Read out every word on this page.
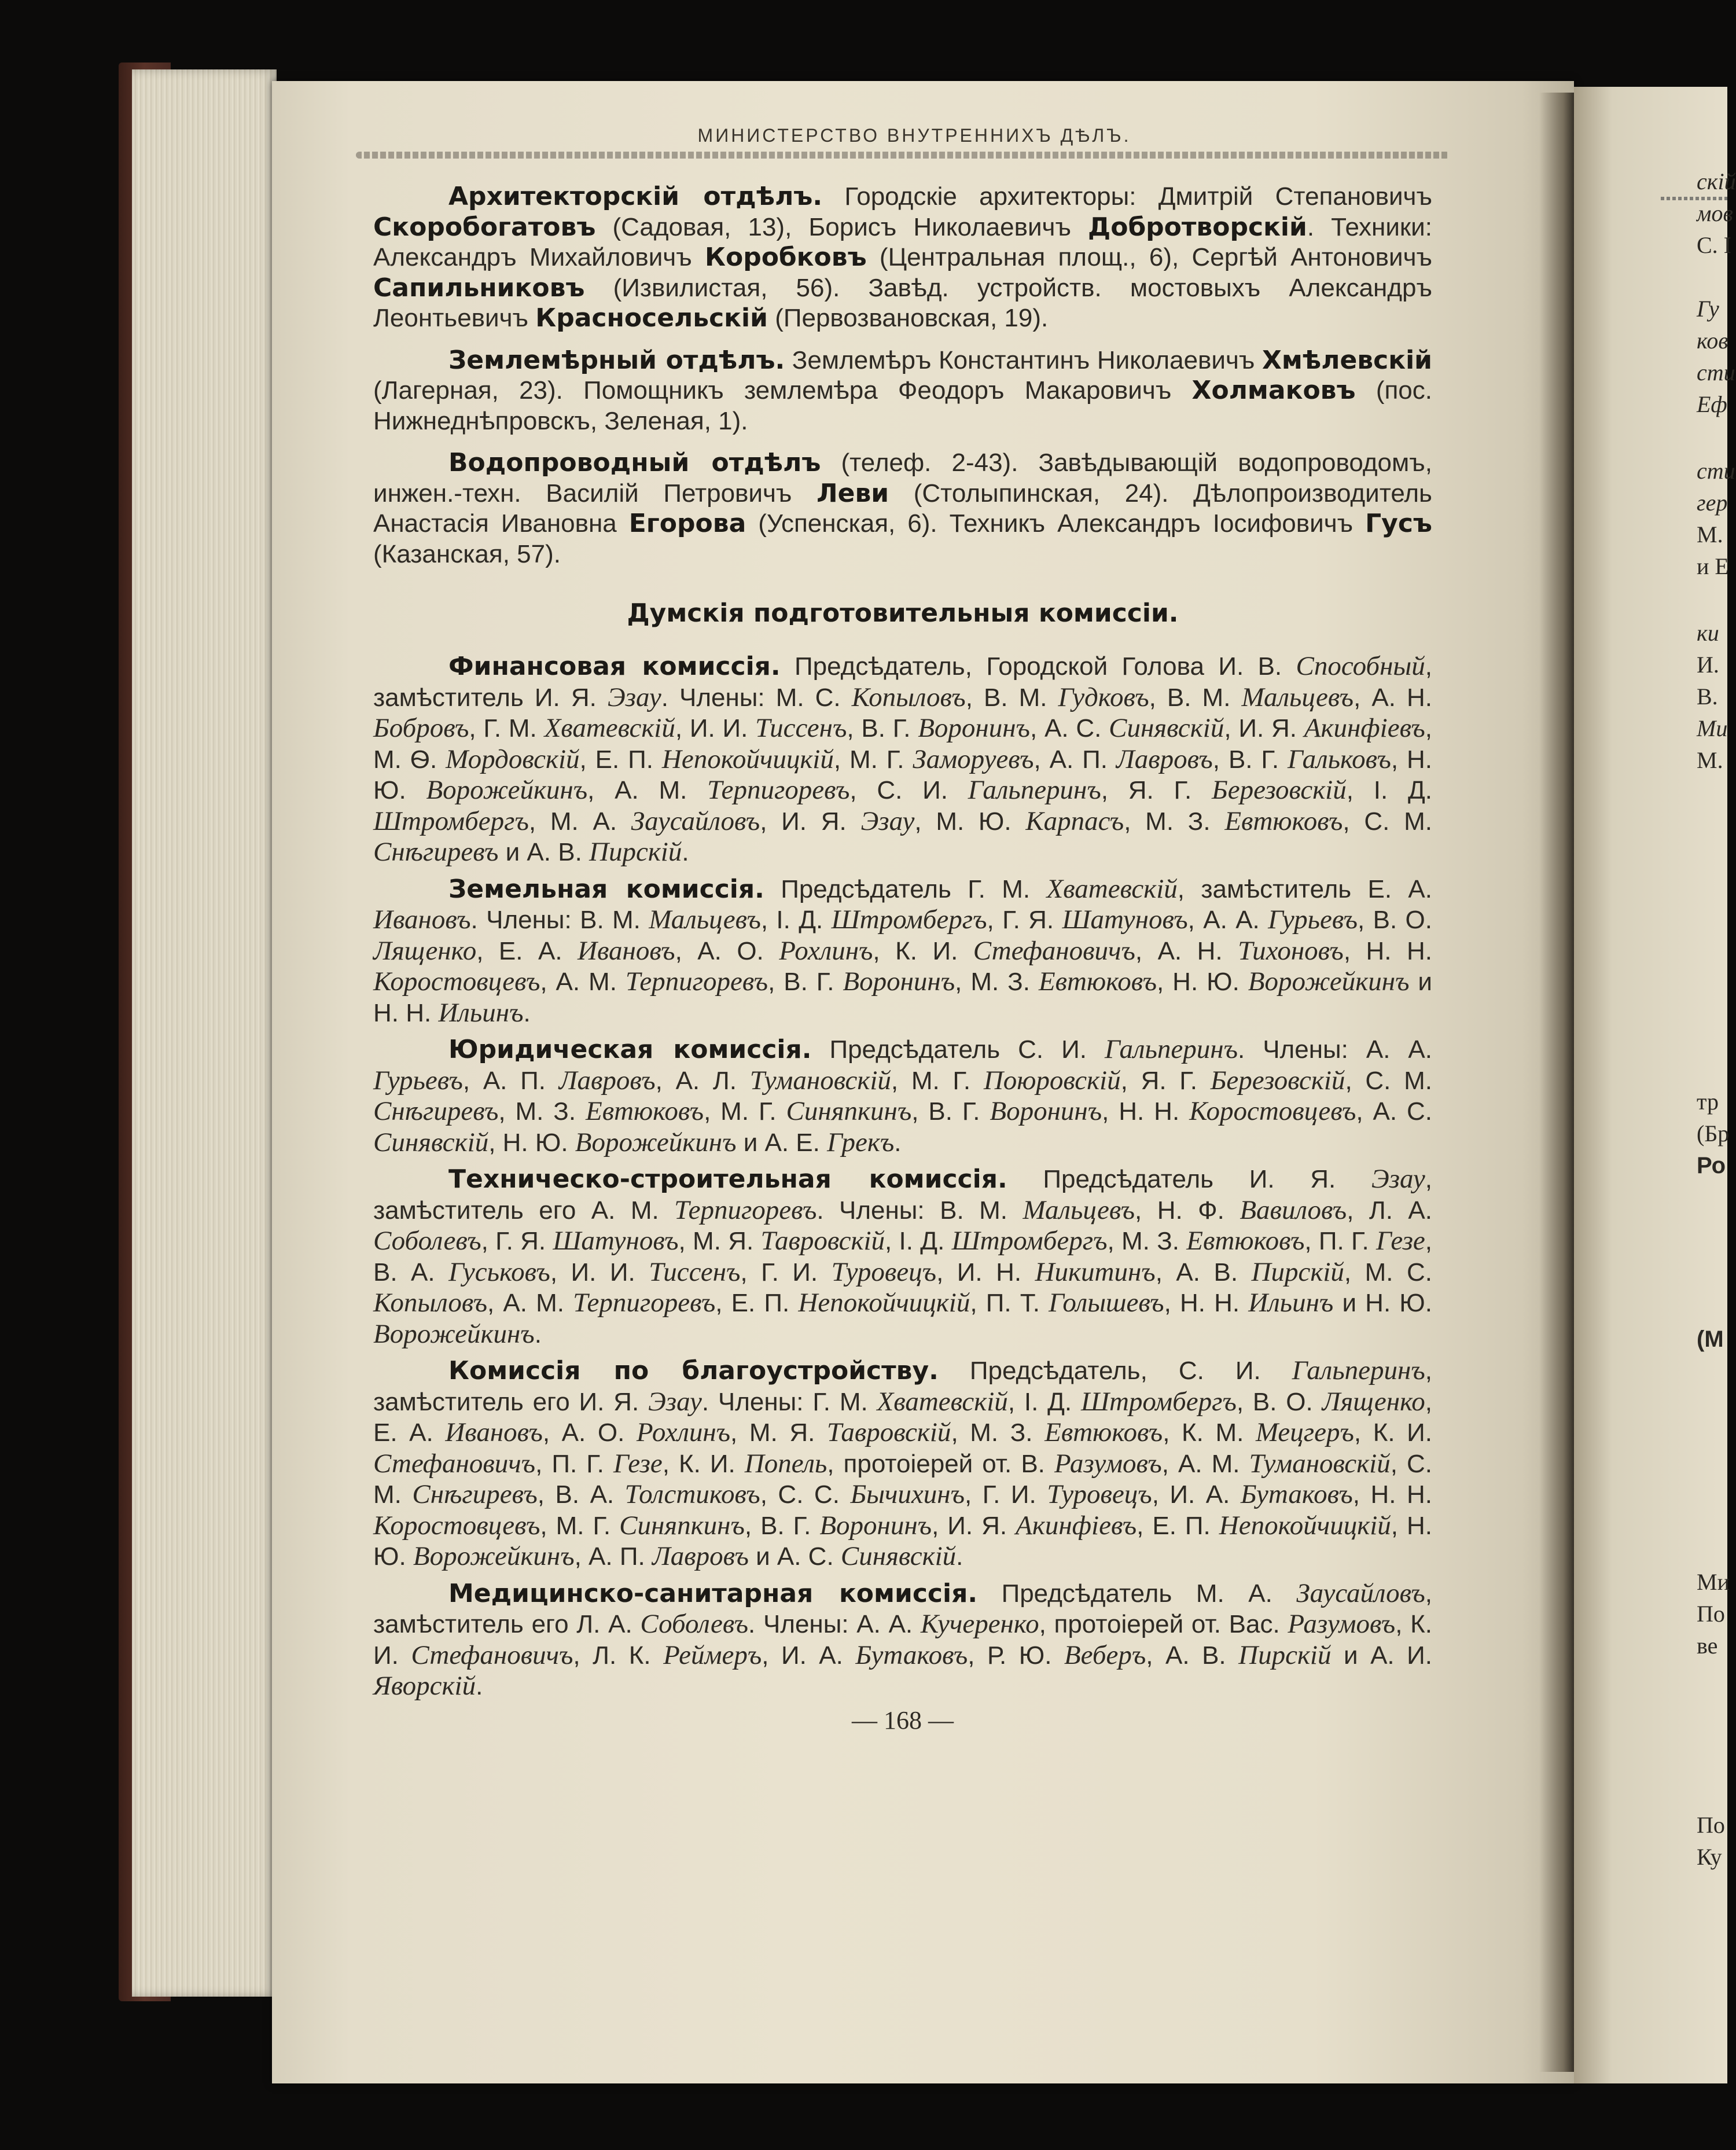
скій
мов
С. I
Гу
ков
сти
Еф
сти
гер
М.
и Е
ки
И.
В.
Ми
М.
тр
(Бр
Ро
(М
Ми
По
ве
По
Ку
МИНИСТЕРСТВО ВНУТРЕННИХЪ ДѢЛЪ.

Архитекторскій отдѣлъ. Городскіе архитекторы: Дмитрій Степановичъ Скоробогатовъ (Садовая, 13), Борисъ Николаевичъ Добротворскій. Техники: Александръ Михайловичъ Коробковъ (Центральная площ., 6), Сергѣй Антоновичъ Сапильниковъ (Извилистая, 56). Завѣд. устройств. мостовыхъ Александръ Леонтьевичъ Красносельскій (Первозвановская, 19).

Землемѣрный отдѣлъ. Землемѣръ Константинъ Николаевичъ Хмѣлевскій (Лагерная, 23). Помощникъ землемѣра Феодоръ Макаровичъ Холмаковъ (пос. Нижнеднѣпровскъ, Зеленая, 1).

Водопроводный отдѣлъ (телеф. 2-43). Завѣдывающій водопроводомъ, инжен.-техн. Василій Петровичъ Леви (Столыпинская, 24). Дѣлопроизводитель Анастасія Ивановна Егорова (Успенская, 6). Техникъ Александръ Іосифовичъ Гусъ (Казанская, 57).

Думскія подготовительныя комиссіи.

Финансовая комиссія. Предсѣдатель, Городской Голова И. В. Способный, замѣститель И. Я. Эзау. Члены: М. С. Копыловъ, В. М. Гудковъ, В. М. Мальцевъ, А. Н. Бобровъ, Г. М. Хватевскій, И. И. Тиссенъ, В. Г. Воронинъ, А. С. Синявскій, И. Я. Акинфіевъ, М. Ѳ. Мордовскій, Е. П. Непокойчицкій, М. Г. Заморуевъ, А. П. Лавровъ, В. Г. Гальковъ, Н. Ю. Ворожейкинъ, А. М. Терпигоревъ, С. И. Гальперинъ, Я. Г. Березовскій, І. Д. Штромбергъ, М. А. Заусайловъ, И. Я. Эзау, М. Ю. Карпасъ, М. З. Евтюковъ, С. М. Снѣгиревъ и А. В. Пирскій.

Земельная комиссія. Предсѣдатель Г. М. Хватевскій, замѣститель Е. А. Ивановъ. Члены: В. М. Мальцевъ, І. Д. Штромбергъ, Г. Я. Шатуновъ, А. А. Гурьевъ, В. О. Лященко, Е. А. Ивановъ, А. О. Рохлинъ, К. И. Стефановичъ, А. Н. Тихоновъ, Н. Н. Коростовцевъ, А. М. Терпигоревъ, В. Г. Воронинъ, М. З. Евтюковъ, Н. Ю. Ворожейкинъ и Н. Н. Ильинъ.

Юридическая комиссія. Предсѣдатель С. И. Гальперинъ. Члены: А. А. Гурьевъ, А. П. Лавровъ, А. Л. Тумановскій, М. Г. Поюровскій, Я. Г. Березовскій, С. М. Снѣгиревъ, М. З. Евтюковъ, М. Г. Синяпкинъ, В. Г. Воронинъ, Н. Н. Коростовцевъ, А. С. Синявскій, Н. Ю. Ворожейкинъ и А. Е. Грекъ.

Техническо-строительная комиссія. Предсѣдатель И. Я. Эзау, замѣститель его А. М. Терпигоревъ. Члены: В. М. Мальцевъ, Н. Ф. Вавиловъ, Л. А. Соболевъ, Г. Я. Шатуновъ, М. Я. Тавровскій, І. Д. Штромбергъ, М. З. Евтюковъ, П. Г. Гезе, В. А. Гуськовъ, И. И. Тиссенъ, Г. И. Туровецъ, И. Н. Никитинъ, А. В. Пирскій, М. С. Копыловъ, А. М. Терпигоревъ, Е. П. Непокойчицкій, П. Т. Голышевъ, Н. Н. Ильинъ и Н. Ю. Ворожейкинъ.

Комиссія по благоустройству. Предсѣдатель, С. И. Гальперинъ, замѣститель его И. Я. Эзау. Члены: Г. М. Хватевскій, І. Д. Штромбергъ, В. О. Лященко, Е. А. Ивановъ, А. О. Рохлинъ, М. Я. Тавровскій, М. З. Евтюковъ, К. М. Мецгеръ, К. И. Стефановичъ, П. Г. Гезе, К. И. Попель, протоіерей от. В. Разумовъ, А. М. Тумановскій, С. М. Снѣгиревъ, В. А. Толстиковъ, С. С. Бычихинъ, Г. И. Туровецъ, И. А. Бутаковъ, Н. Н. Коростовцевъ, М. Г. Синяпкинъ, В. Г. Воронинъ, И. Я. Акинфіевъ, Е. П. Непокойчицкій, Н. Ю. Ворожейкинъ, А. П. Лавровъ и А. С. Синявскій.

Медицинско-санитарная комиссія. Предсѣдатель М. А. Заусайловъ, замѣститель его Л. А. Соболевъ. Члены: А. А. Кучеренко, протоіерей от. Вас. Разумовъ, К. И. Стефановичъ, Л. К. Реймеръ, И. А. Бутаковъ, Р. Ю. Веберъ, А. В. Пирскій и А. И. Яворскій.

— 168 —
